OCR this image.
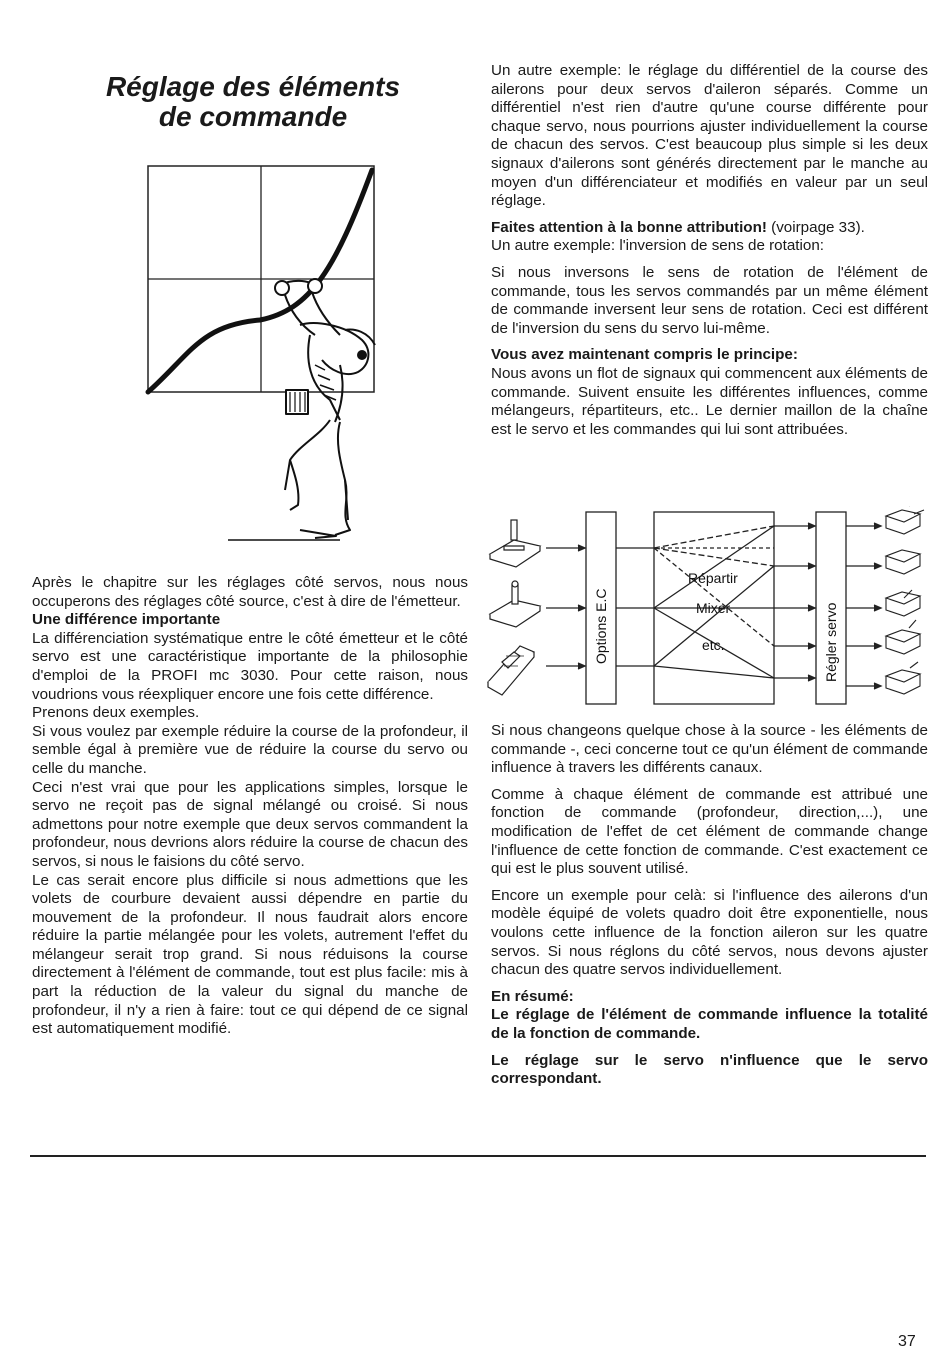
Réglage des éléments
de commande

Après le chapitre sur les réglages côté servos, nous nous occuperons des réglages côté source, c'est à dire de l'émetteur.

Une différence importante

La différenciation systématique entre le côté émetteur et le côté servo est une caractéristique importante de la philosophie d'emploi de la PROFI mc 3030. Pour cette raison, nous voudrions vous réexpliquer encore une fois cette différence.

Prenons deux exemples.

Si vous voulez par exemple réduire la course de la profondeur, il semble égal à première vue de réduire la course du servo ou celle du manche.

Ceci n'est vrai que pour les applications simples, lorsque le servo ne reçoit pas de signal mélangé ou croisé. Si nous admettons pour notre exemple que deux servos commandent la profondeur, nous devrions alors réduire la course de chacun des servos, si nous le faisions du côté servo.

Le cas serait encore plus difficile si nous admettions que les volets de courbure devaient aussi dépendre en partie du mouvement de la profondeur. Il nous faudrait alors encore réduire la partie mélangée pour les volets, autrement l'effet du mélangeur serait trop grand. Si nous réduisons la course directement à l'élément de commande, tout est plus facile: mis à part la réduction de la valeur du signal du manche de profondeur, il n'y a rien à faire: tout ce qui dépend de ce signal est automatiquement modifié.

Un autre exemple: le réglage du différentiel de la course des ailerons pour deux servos d'aileron séparés. Comme un différentiel n'est rien d'autre qu'une course différente pour chaque servo, nous pourrions ajuster individuellement la course de chacun des servos. C'est beaucoup plus simple si les deux signaux d'ailerons sont générés directement par le manche au moyen d'un différenciateur et modifiés en valeur par un seul réglage.

Faites attention à la bonne attribution! (voirpage 33).

Un autre exemple: l'inversion de sens de rotation:

Si nous inversons le sens de rotation de l'élément de commande, tous les servos commandés par un même élément de commande inversent leur sens de rotation. Ceci est différent de l'inversion du sens du servo lui-même.

Vous avez maintenant compris le principe:

Nous avons un flot de signaux qui commencent aux éléments de commande. Suivent ensuite les différentes influences, comme mélangeurs, répartiteurs, etc.. Le dernier maillon de la chaîne est le servo et les commandes qui lui sont attribuées.

Options E.C
Répartir
Mixer
etc.	Régler servo

Si nous changeons quelque chose à la source - les éléments de commande -, ceci concerne tout ce qu'un élément de commande influence à travers les différents canaux.

Comme à chaque élément de commande est attribué une fonction de commande (profondeur, direction,...), une modification de l'effet de cet élément de commande change l'influence de cette fonction de commande. C'est exactement ce qui est le plus souvent utilisé.

Encore un exemple pour celà: si l'influence des ailerons d'un modèle équipé de volets quadro doit être exponentielle, nous voulons cette influence de la fonction aileron sur les quatre servos. Si nous réglons du côté servos, nous devons ajuster chacun des quatre servos individuellement.

En résumé:

Le réglage de l'élément de commande influence la totalité de la fonction de commande.

Le réglage sur le servo n'influence que le servo correspondant.

37
